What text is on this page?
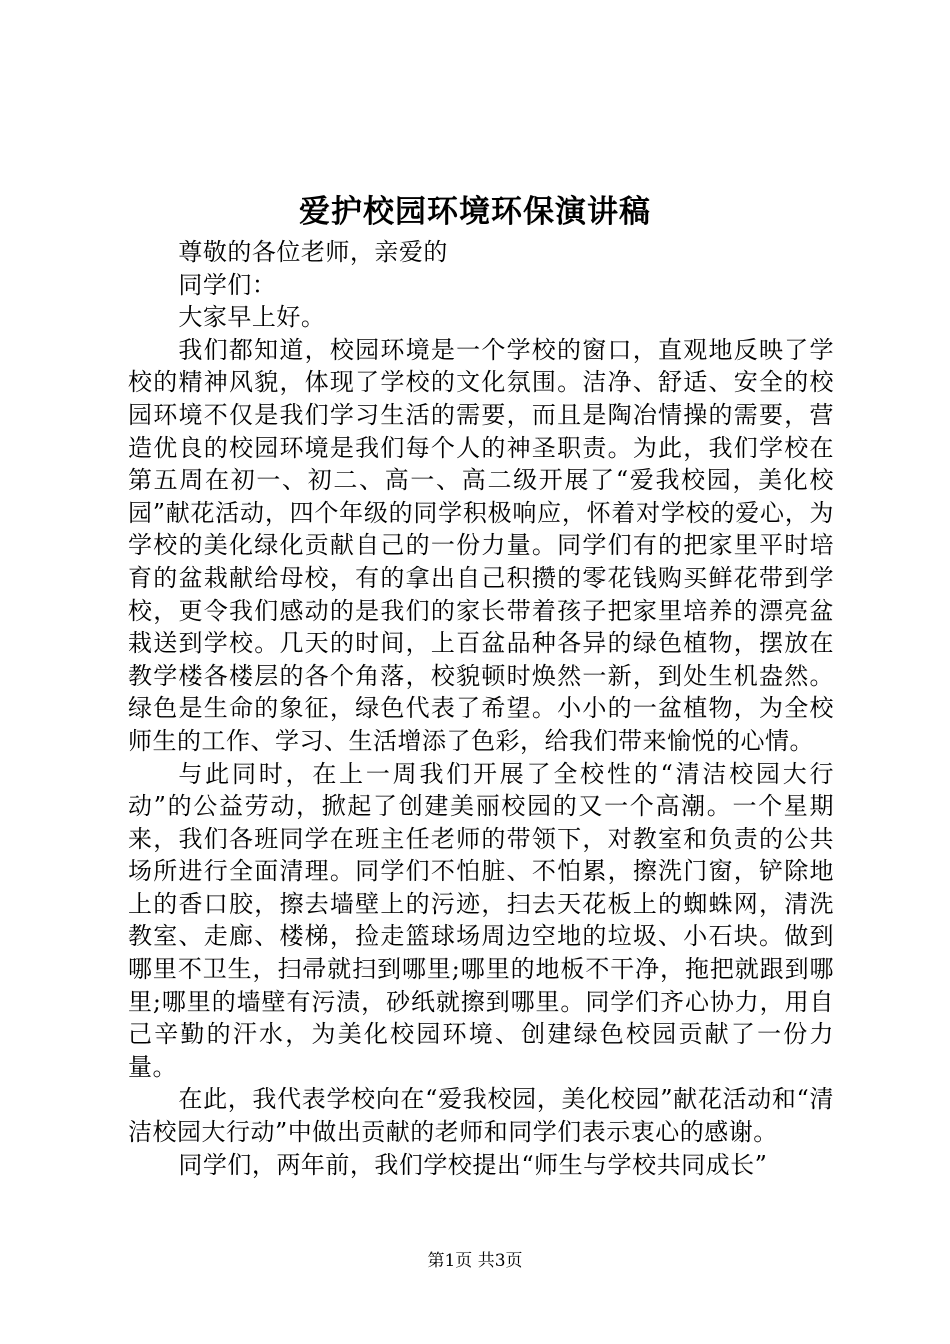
爱护校园环境环保演讲稿

尊敬的各位老师，亲爱的

同学们：

大家早上好。

我们都知道，校园环境是一个学校的窗口，直观地反映了学校的精神风貌，体现了学校的文化氛围。洁净、舒适、安全的校园环境不仅是我们学习生活的需要，而且是陶冶情操的需要，营造优良的校园环境是我们每个人的神圣职责。为此，我们学校在第五周在初一、初二、高一、高二级开展了“爱我校园，美化校园”献花活动，四个年级的同学积极响应，怀着对学校的爱心，为学校的美化绿化贡献自己的一份力量。同学们有的把家里平时培育的盆栽献给母校，有的拿出自己积攒的零花钱购买鲜花带到学校，更令我们感动的是我们的家长带着孩子把家里培养的漂亮盆栽送到学校。几天的时间，上百盆品种各异的绿色植物，摆放在教学楼各楼层的各个角落，校貌顿时焕然一新，到处生机盎然。绿色是生命的象征，绿色代表了希望。小小的一盆植物，为全校师生的工作、学习、生活增添了色彩，给我们带来愉悦的心情。

与此同时，在上一周我们开展了全校性的“清洁校园大行动”的公益劳动，掀起了创建美丽校园的又一个高潮。一个星期来，我们各班同学在班主任老师的带领下，对教室和负责的公共场所进行全面清理。同学们不怕脏、不怕累，擦洗门窗，铲除地上的香口胶，擦去墙壁上的污迹，扫去天花板上的蜘蛛网，清洗教室、走廊、楼梯，捡走篮球场周边空地的垃圾、小石块。做到哪里不卫生，扫帚就扫到哪里;哪里的地板不干净，拖把就跟到哪里;哪里的墙壁有污渍，砂纸就擦到哪里。同学们齐心协力，用自己辛勤的汗水，为美化校园环境、创建绿色校园贡献了一份力量。

在此，我代表学校向在“爱我校园，美化校园”献花活动和“清洁校园大行动”中做出贡献的老师和同学们表示衷心的感谢。

同学们，两年前，我们学校提出“师生与学校共同成长”

第1页 共3页
